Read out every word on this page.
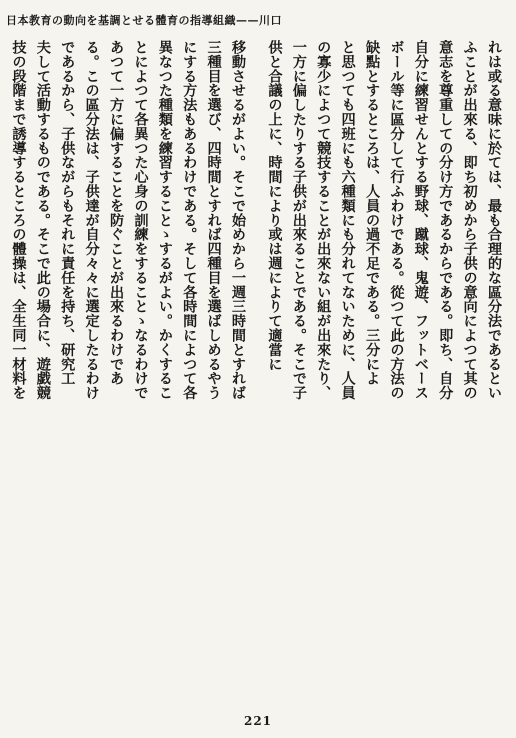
日本教育の動向を基調とせる體育の指導組織——川口
れは或る意味に於ては、最も合理的な區分法であるとい
ふことが出來る、即ち初めから子供の意向によつて其の
意志を尊重しての分け方であるからである。即ち、自分
自分に練習せんとする野球、蹴球、鬼遊、フットベース
ボール等に區分して行ふわけである。從つて此の方法の
缺點とするところは、人員の過不足である。三分によ
と思つても四班にも六種類にも分れてないために、人員
の寡少によつて競技することが出來ない組が出來たり、
一方に偏したりする子供が出來ることである。そこで子
供と合議の上に、時間により或は週によりて適當に
移動させるがよい。そこで始めから一週三時間とすれば
三種目を選び、四時間とすれば四種目を選ばしめるやう
にする方法もあるわけである。そして各時間によつて各
異なつた種類を練習することゝするがよい。かくするこ
とによつて各異つた心身の訓練をすることゝなるわけで
あつて一方に偏することを防ぐことが出來るわけであ
る。この區分法は、子供達が自分々々に選定したるわけ
であるから、子供ながらもそれに責任を持ち、研究工
夫して活動するものである。そこで此の場合に、遊戯競
技の段階まで誘導するところの體操は、全生同一材料を
221
